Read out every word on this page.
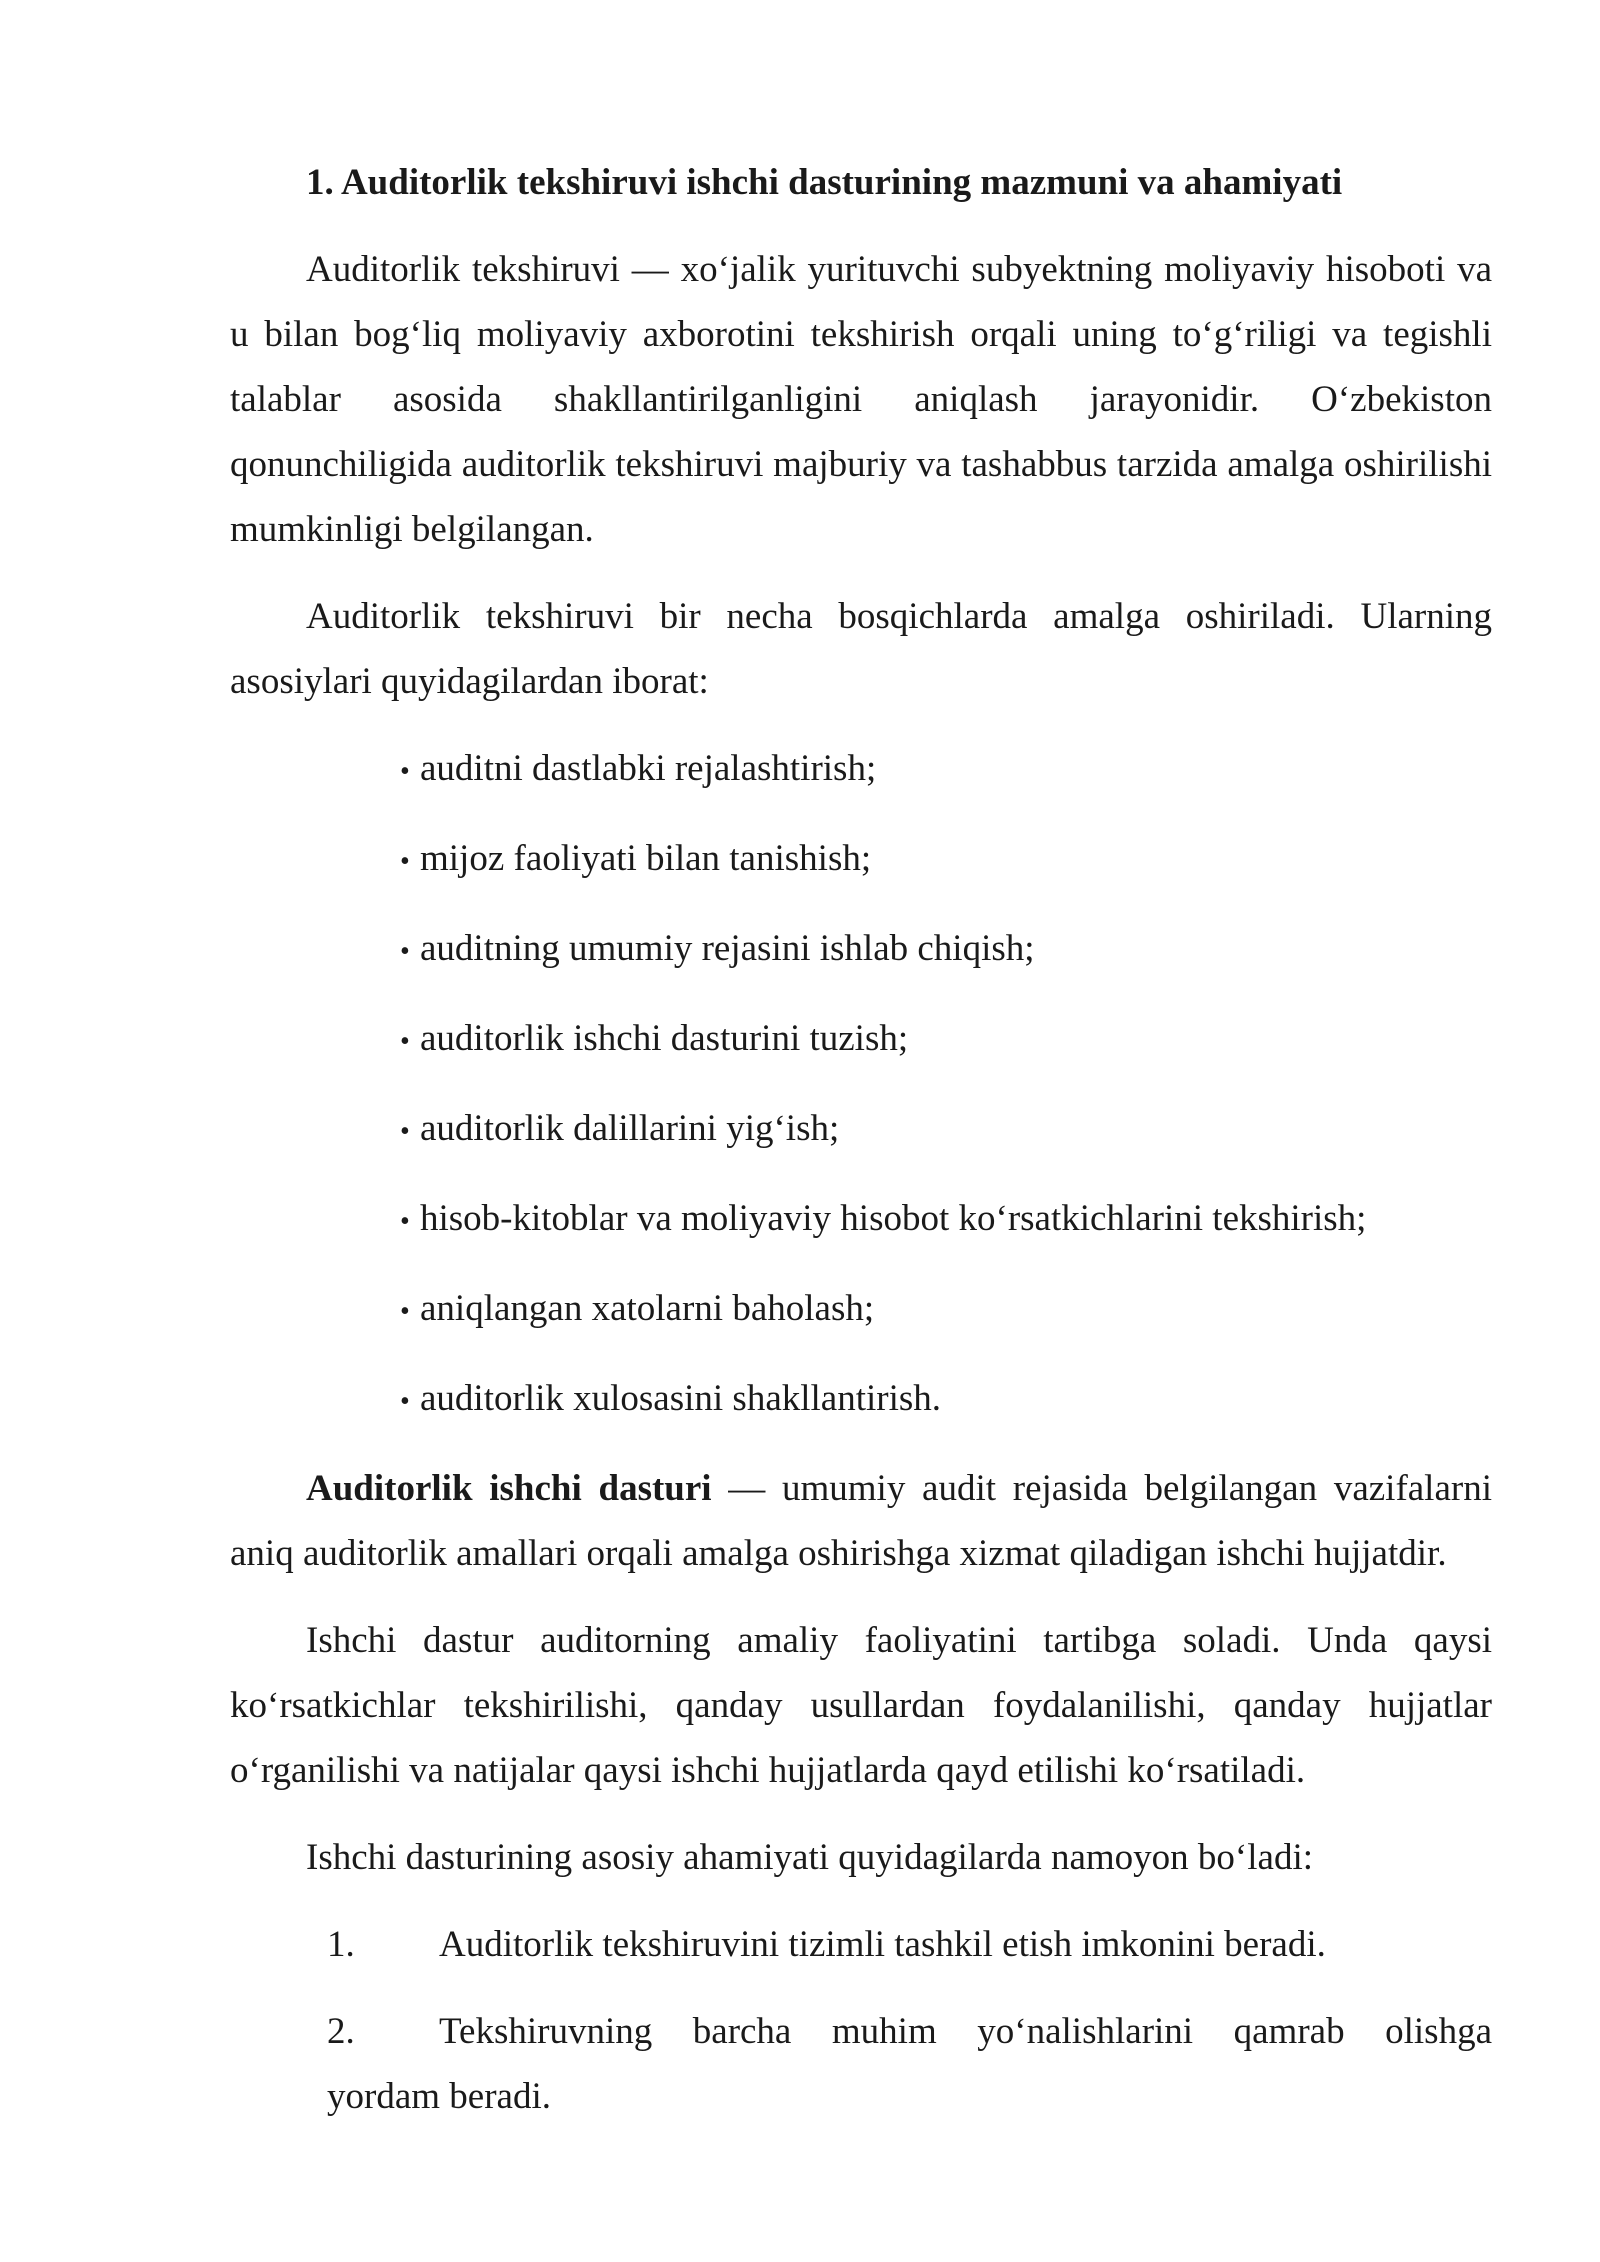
1. Auditorlik tekshiruvi ishchi dasturining mazmuni va ahamiyati

Auditorlik tekshiruvi — xo‘jalik yurituvchi subyektning moliyaviy hisoboti va u bilan bog‘liq moliyaviy axborotini tekshirish orqali uning to‘g‘riligi va tegishli talablar asosida shakllantirilganligini aniqlash jarayonidir. O‘zbekiston qonunchiligida auditorlik tekshiruvi majburiy va tashabbus tarzida amalga oshirilishi mumkinligi belgilangan.

Auditorlik tekshiruvi bir necha bosqichlarda amalga oshiriladi. Ularning asosiylari quyidagilardan iborat:

• auditni dastlabki rejalashtirish;
• mijoz faoliyati bilan tanishish;
• auditning umumiy rejasini ishlab chiqish;
• auditorlik ishchi dasturini tuzish;
• auditorlik dalillarini yig‘ish;
• hisob-kitoblar va moliyaviy hisobot ko‘rsatkichlarini tekshirish;
• aniqlangan xatolarni baholash;
• auditorlik xulosasini shakllantirish.

Auditorlik ishchi dasturi — umumiy audit rejasida belgilangan vazifalarni aniq auditorlik amallari orqali amalga oshirishga xizmat qiladigan ishchi hujjatdir.

Ishchi dastur auditorning amaliy faoliyatini tartibga soladi. Unda qaysi ko‘rsatkichlar tekshirilishi, qanday usullardan foydalanilishi, qanday hujjatlar o‘rganilishi va natijalar qaysi ishchi hujjatlarda qayd etilishi ko‘rsatiladi.

Ishchi dasturining asosiy ahamiyati quyidagilarda namoyon bo‘ladi:

1. Auditorlik tekshiruvini tizimli tashkil etish imkonini beradi.
2. Tekshiruvning barcha muhim yo‘nalishlarini qamrab olishga
yordam beradi.
